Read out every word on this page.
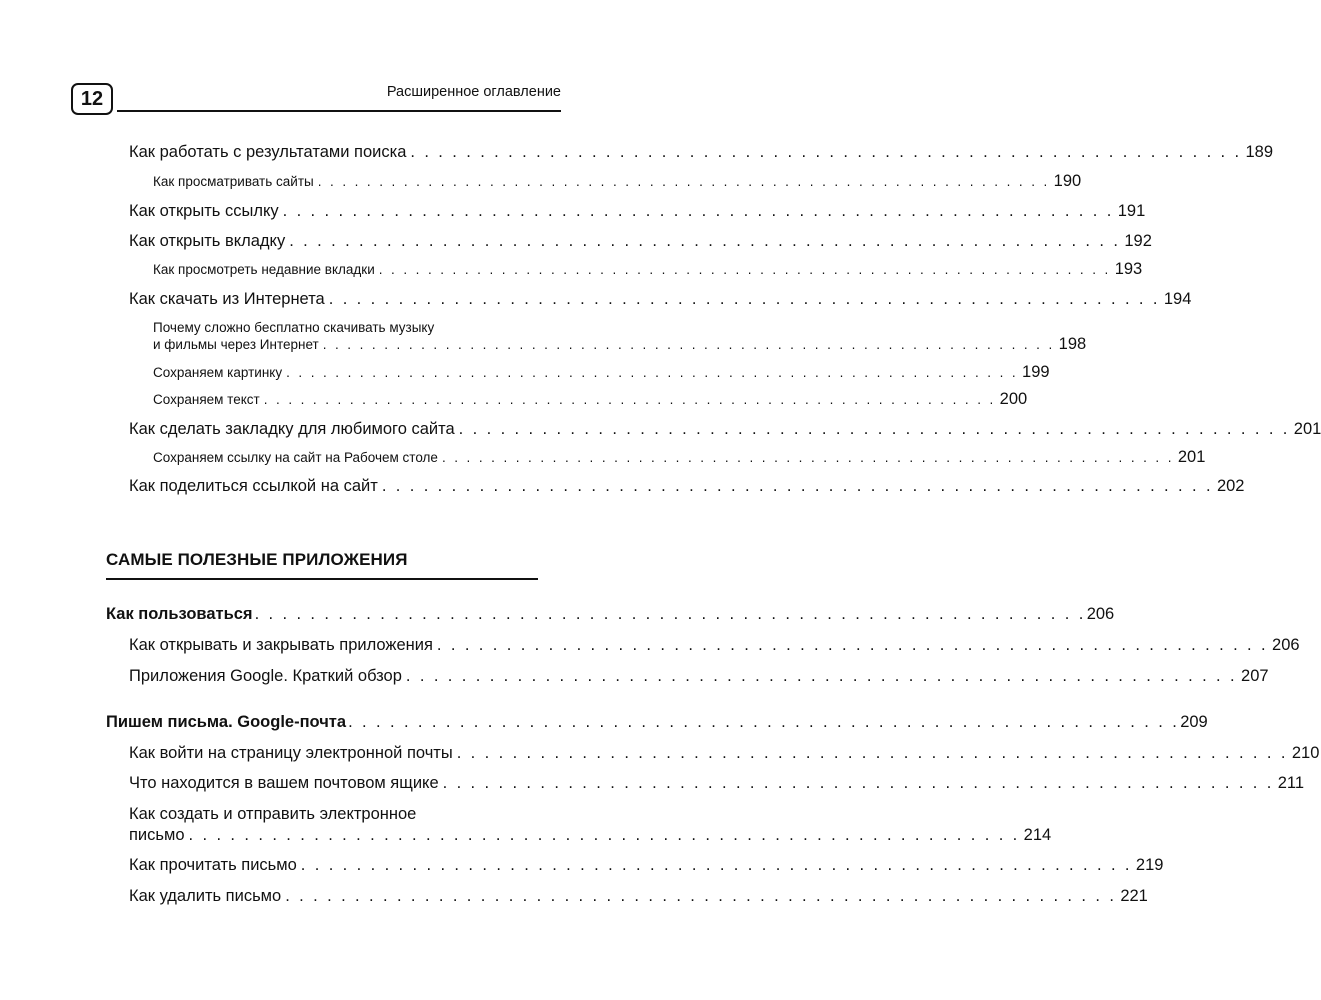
12	Расширенное оглавление
Как работать с результатами поиска . . . . . . . . . . . . . . . . . . . . . . . . . . . . . . . . . . . . . . . . . . . . . . . . . . . . . . . . . . . . 189
Как просматривать сайты . . . . . . . . . . . . . . . . . . . . . . . . . . . . . . . . . . . . . . . . . . . . . . . . . . . . . . . . . . . . 190
Как открыть ссылку . . . . . . . . . . . . . . . . . . . . . . . . . . . . . . . . . . . . . . . . . . . . . . . . . . . . . . . . . . . . 191
Как открыть вкладку . . . . . . . . . . . . . . . . . . . . . . . . . . . . . . . . . . . . . . . . . . . . . . . . . . . . . . . . . . . . 192
Как просмотреть недавние вкладки . . . . . . . . . . . . . . . . . . . . . . . . . . . . . . . . . . . . . . . . . . . . . . . . . . . . . . . . . . . . 193
Как скачать из Интернета . . . . . . . . . . . . . . . . . . . . . . . . . . . . . . . . . . . . . . . . . . . . . . . . . . . . . . . . . . . . 194
Почему сложно бесплатно скачивать музыку
и фильмы через Интернет . . . . . . . . . . . . . . . . . . . . . . . . . . . . . . . . . . . . . . . . . . . . . . . . . . . . . . . . . . . . 198
Сохраняем картинку . . . . . . . . . . . . . . . . . . . . . . . . . . . . . . . . . . . . . . . . . . . . . . . . . . . . . . . . . . . . 199
Сохраняем текст . . . . . . . . . . . . . . . . . . . . . . . . . . . . . . . . . . . . . . . . . . . . . . . . . . . . . . . . . . . . 200
Как сделать закладку для любимого сайта . . . . . . . . . . . . . . . . . . . . . . . . . . . . . . . . . . . . . . . . . . . . . . . . . . . . . . . . . . . . 201
Сохраняем ссылку на сайт на Рабочем столе . . . . . . . . . . . . . . . . . . . . . . . . . . . . . . . . . . . . . . . . . . . . . . . . . . . . . . . . . . . . 201
Как поделиться ссылкой на сайт . . . . . . . . . . . . . . . . . . . . . . . . . . . . . . . . . . . . . . . . . . . . . . . . . . . . . . . . . . . . 202
САМЫЕ ПОЛЕЗНЫЕ ПРИЛОЖЕНИЯ
Как пользоваться . . . . . . . . . . . . . . . . . . . . . . . . . . . . . . . . . . . . . . . . . . . . . . . . . . . . . . . . . . . . 206
Как открывать и закрывать приложения . . . . . . . . . . . . . . . . . . . . . . . . . . . . . . . . . . . . . . . . . . . . . . . . . . . . . . . . . . . . 206
Приложения Google. Краткий обзор . . . . . . . . . . . . . . . . . . . . . . . . . . . . . . . . . . . . . . . . . . . . . . . . . . . . . . . . . . . . 207
Пишем письма. Google-почта . . . . . . . . . . . . . . . . . . . . . . . . . . . . . . . . . . . . . . . . . . . . . . . . . . . . . . . . . . . . 209
Как войти на страницу электронной почты . . . . . . . . . . . . . . . . . . . . . . . . . . . . . . . . . . . . . . . . . . . . . . . . . . . . . . . . . . . . 210
Что находится в вашем почтовом ящике . . . . . . . . . . . . . . . . . . . . . . . . . . . . . . . . . . . . . . . . . . . . . . . . . . . . . . . . . . . . 211
Как создать и отправить электронное
письмо . . . . . . . . . . . . . . . . . . . . . . . . . . . . . . . . . . . . . . . . . . . . . . . . . . . . . . . . . . . . 214
Как прочитать письмо . . . . . . . . . . . . . . . . . . . . . . . . . . . . . . . . . . . . . . . . . . . . . . . . . . . . . . . . . . . . 219
Как удалить письмо . . . . . . . . . . . . . . . . . . . . . . . . . . . . . . . . . . . . . . . . . . . . . . . . . . . . . . . . . . . . 221
